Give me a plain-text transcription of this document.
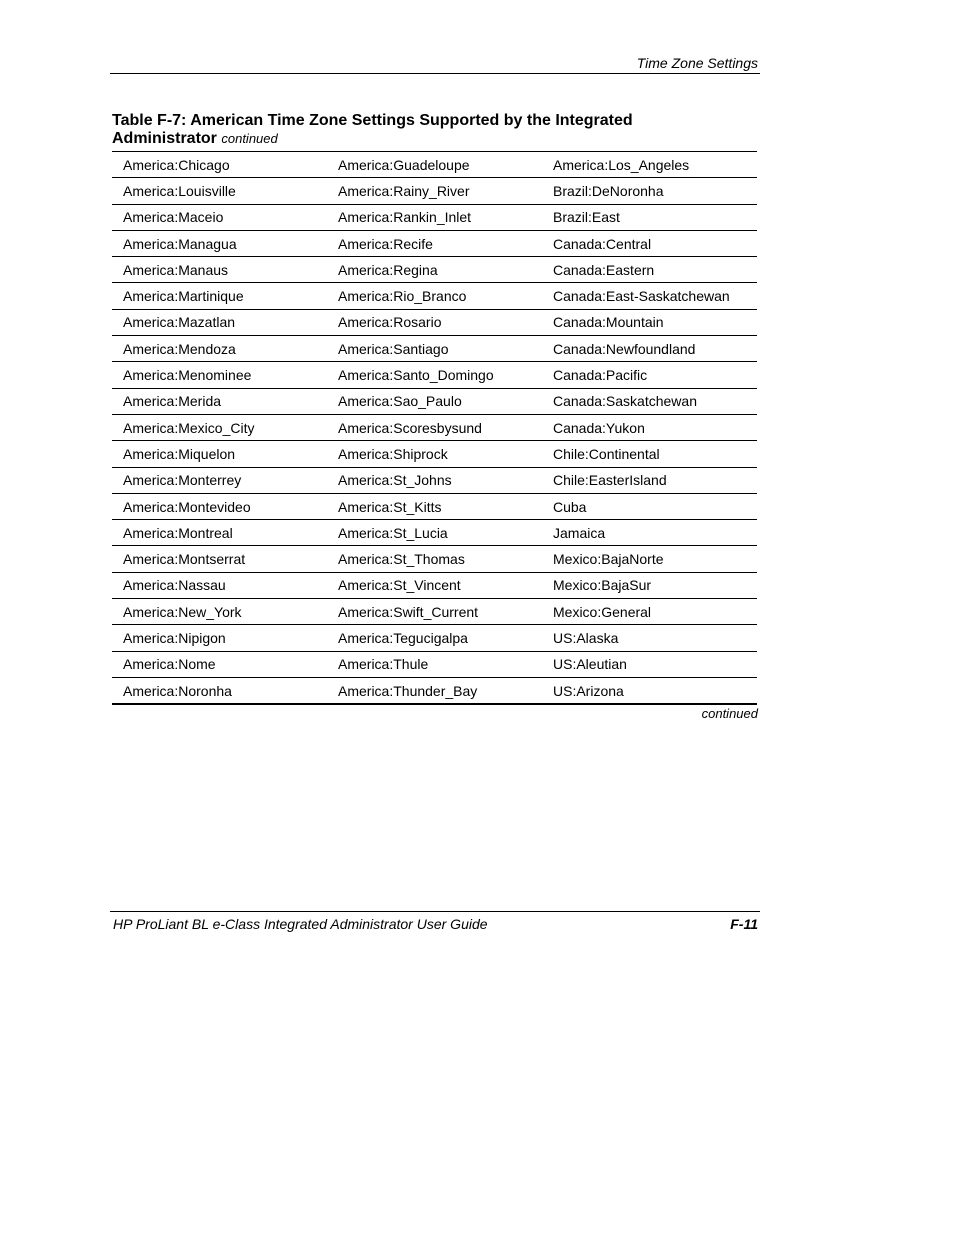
Time Zone Settings
Table F-7: American Time Zone Settings Supported by the Integrated Administrator continued
America:Chicago	America:Guadeloupe	America:Los_Angeles
America:Louisville	America:Rainy_River	Brazil:DeNoronha
America:Maceio	America:Rankin_Inlet	Brazil:East
America:Managua	America:Recife	Canada:Central
America:Manaus	America:Regina	Canada:Eastern
America:Martinique	America:Rio_Branco	Canada:East-Saskatchewan
America:Mazatlan	America:Rosario	Canada:Mountain
America:Mendoza	America:Santiago	Canada:Newfoundland
America:Menominee	America:Santo_Domingo	Canada:Pacific
America:Merida	America:Sao_Paulo	Canada:Saskatchewan
America:Mexico_City	America:Scoresbysund	Canada:Yukon
America:Miquelon	America:Shiprock	Chile:Continental
America:Monterrey	America:St_Johns	Chile:EasterIsland
America:Montevideo	America:St_Kitts	Cuba
America:Montreal	America:St_Lucia	Jamaica
America:Montserrat	America:St_Thomas	Mexico:BajaNorte
America:Nassau	America:St_Vincent	Mexico:BajaSur
America:New_York	America:Swift_Current	Mexico:General
America:Nipigon	America:Tegucigalpa	US:Alaska
America:Nome	America:Thule	US:Aleutian
America:Noronha	America:Thunder_Bay	US:Arizona
continued
HP ProLiant BL e-Class Integrated Administrator User Guide	F-11
